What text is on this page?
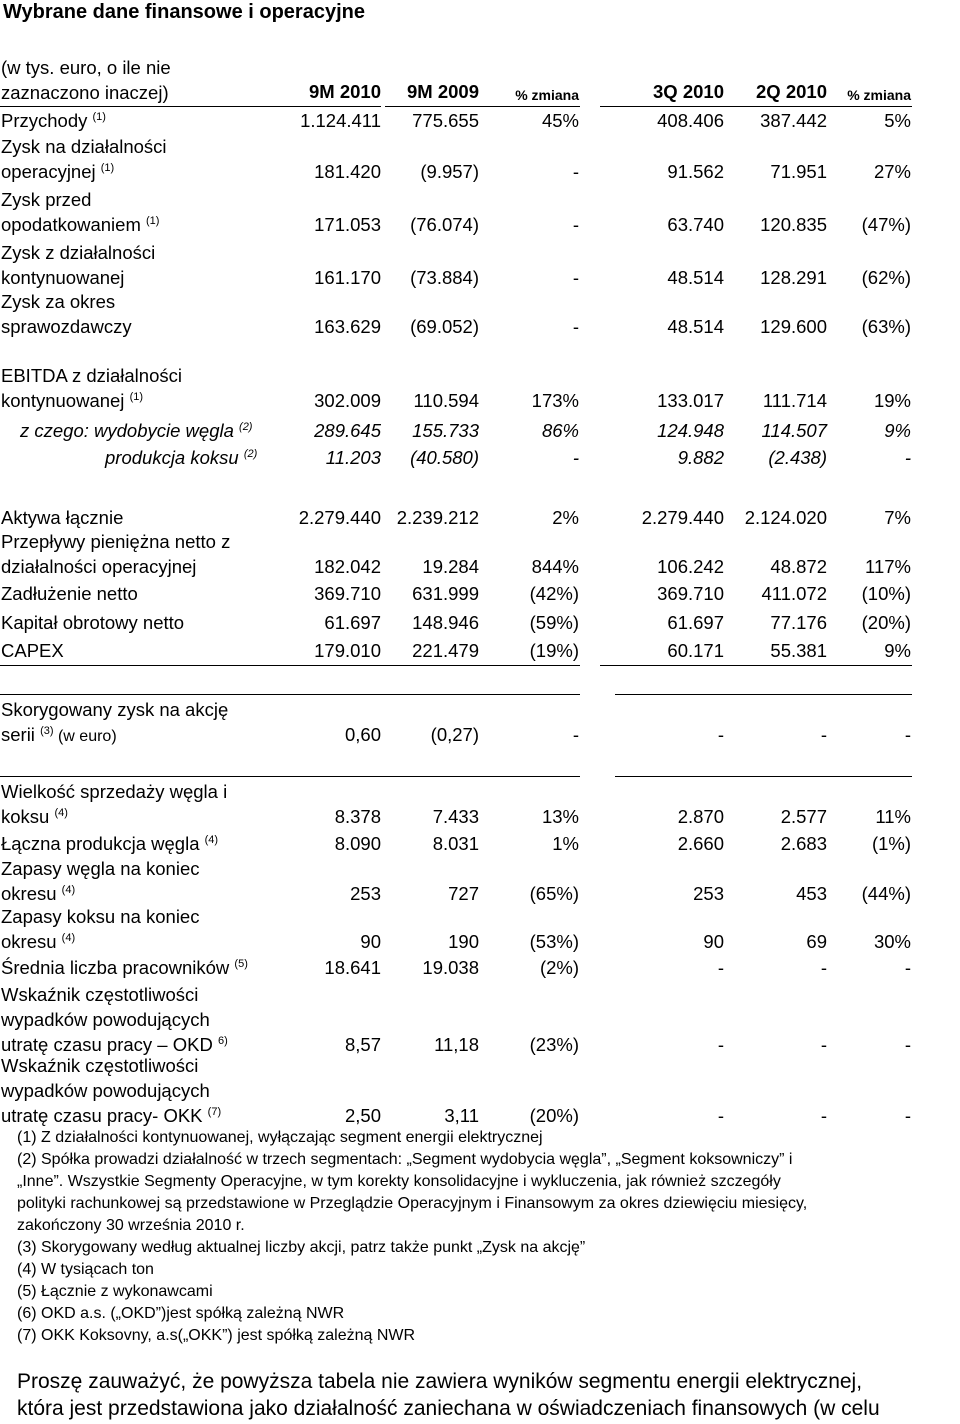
Wybrane dane finansowe i operacyjne
(w tys. euro, o ile nie
zaznaczono inaczej)	9M 2010 9M 2009	% zmiana	3Q 2010 2Q 2010 % zmiana
Przychody $^{(1)}$	1.124.411 775.655	45%	408.406 387.442	5%
Zysk na działalności
operacyjnej $^{(1)}$	181.420 (9.957)	-	91.562	71.951	27%
Zysk przed
opodatkowaniem $^{(1)}$	171.053 (76.074)	-	63.740 120.835 (47%)
Zysk z działalności
kontynuowanej	161.170 (73.884)	-	48.514 128.291 (62%)
Zysk za okres
sprawozdawczy	163.629 (69.052)	-	48.514 129.600 (63%)
EBITDA z działalności
kontynuowanej $^{(1)}$	302.009 110.594	173%	133.017 111.714	19%
z czego: wydobycie węgla $^{(2)}$	289.645 155.733	86%	124.948 114.507	9%
produkcja koksu $^{(2)}$	11.203 (40.580)	-	9.882 (2.438)	-
Aktywa łącznie	2.279.440 2.239.212	2%	2.279.440 2.124.020	7%
Przepływy pieniężna netto z
działalności operacyjnej	182.042 19.284	844%	106.242	48.872 117%
Zadłużenie netto	369.710 631.999	(42%)	369.710 411.072 (10%)
Kapitał obrotowy netto	61.697 148.946	(59%)	61.697	77.176 (20%)
CAPEX	179.010 221.479	(19%)	60.171	55.381	9%
Skorygowany zysk na akcję
serii $^{(3)}$ (w euro)	0,60	(0,27)	-	-	-	-
Wielkość sprzedaży węgla i
koksu $^{(4)}$	8.378	7.433	13%	2.870	2.577	11%
Łączna produkcja węgla $^{(4)}$	8.090	8.031	1%	2.660	2.683 (1%)
Zapasy węgla na koniec
okresu $^{(4)}$	253	727	(65%)	253	453 (44%)
Zapasy koksu na koniec
okresu $^{(4)}$	90	190	(53%)	90	69	30%
Średnia liczba pracowników $^{(5)}$	18.641 19.038	(2%)	-	-	-
Wskaźnik częstotliwości
wypadków powodujących
utratę czasu pracy – OKD $^{6)}$	8,57	11,18	(23%)	-	-	-
Wskaźnik częstotliwości
wypadków powodujących
utratę czasu pracy- OKK $^{(7)}$	2,50	3,11	(20%)	-	-	-
(1) Z działalności kontynuowanej, wyłączając segment energii elektrycznej
(2) Spółka prowadzi działalność w trzech segmentach: „Segment wydobycia węgla”, „Segment koksowniczy” i
„Inne”. Wszystkie Segmenty Operacyjne, w tym korekty konsolidacyjne i wykluczenia, jak również szczegóły
polityki rachunkowej są przedstawione w Przeglądzie Operacyjnym i Finansowym za okres dziewięciu miesięcy,
zakończony 30 września 2010 r.
(3) Skorygowany według aktualnej liczby akcji, patrz także punkt „Zysk na akcję”
(4) W tysiącach ton
(5) Łącznie z wykonawcami
(6) OKD a.s. („OKD”)jest spółką zależną NWR
(7) OKK Koksovny, a.s(„OKK”) jest spółką zależną NWR
Proszę zauważyć, że powyższa tabela nie zawiera wyników segmentu energii elektrycznej,
która jest przedstawiona jako działalność zaniechana w oświadczeniach finansowych (w celu
